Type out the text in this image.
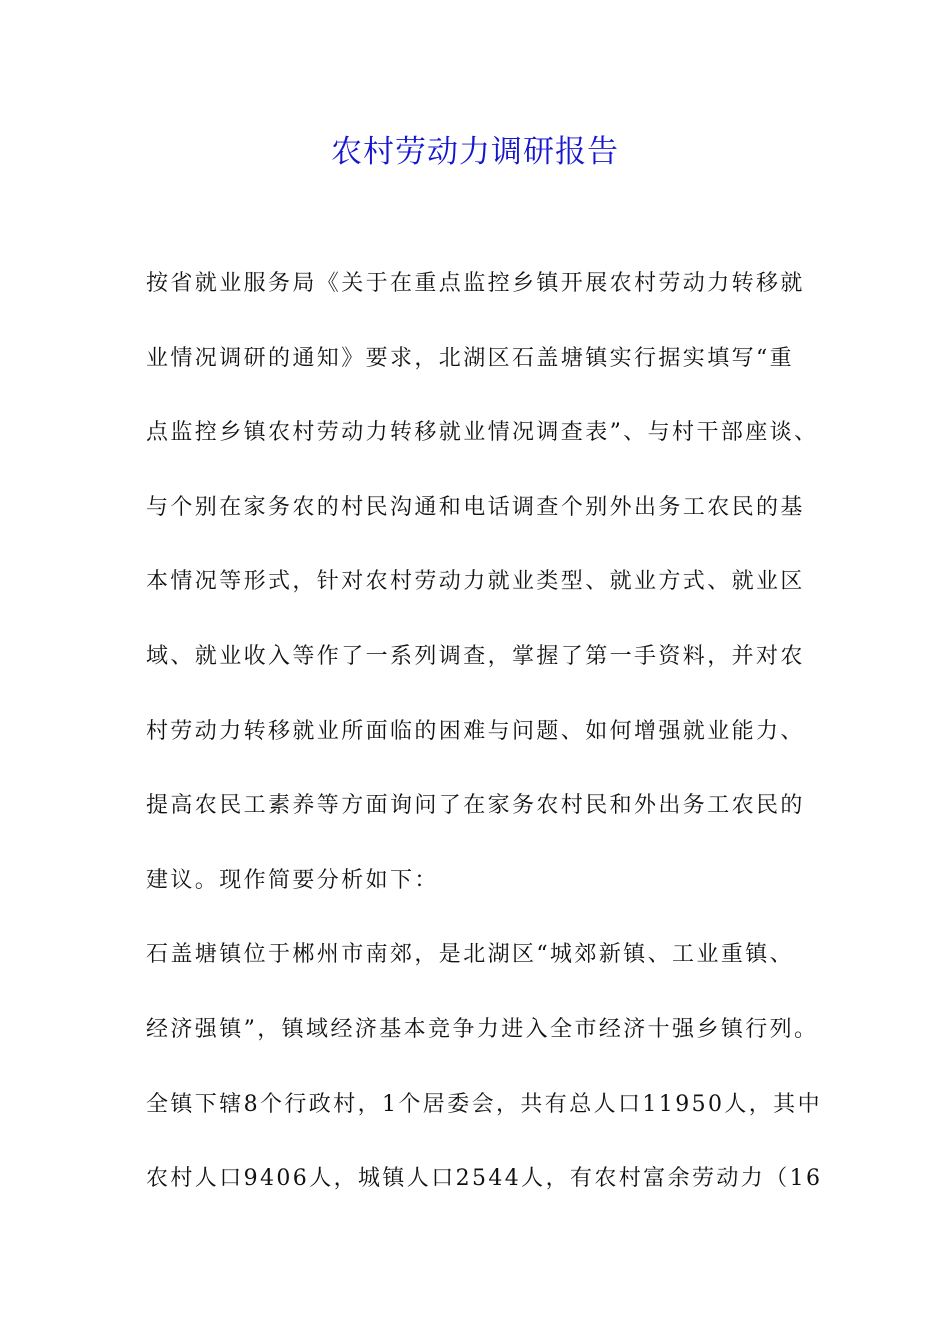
农村劳动力调研报告
按省就业服务局《关于在重点监控乡镇开展农村劳动力转移就
业情况调研的通知》要求，北湖区石盖塘镇实行据实填写“重
点监控乡镇农村劳动力转移就业情况调查表”、与村干部座谈、
与个别在家务农的村民沟通和电话调查个别外出务工农民的基
本情况等形式，针对农村劳动力就业类型、就业方式、就业区
域、就业收入等作了一系列调查，掌握了第一手资料，并对农
村劳动力转移就业所面临的困难与问题、如何增强就业能力、
提高农民工素养等方面询问了在家务农村民和外出务工农民的
建议。现作简要分析如下：
石盖塘镇位于郴州市南郊，是北湖区“城郊新镇、工业重镇、
经济强镇”，镇域经济基本竞争力进入全市经济十强乡镇行列。
全镇下辖8个行政村，1个居委会，共有总人口11950人，其中
农村人口9406人，城镇人口2544人，有农村富余劳动力（16
